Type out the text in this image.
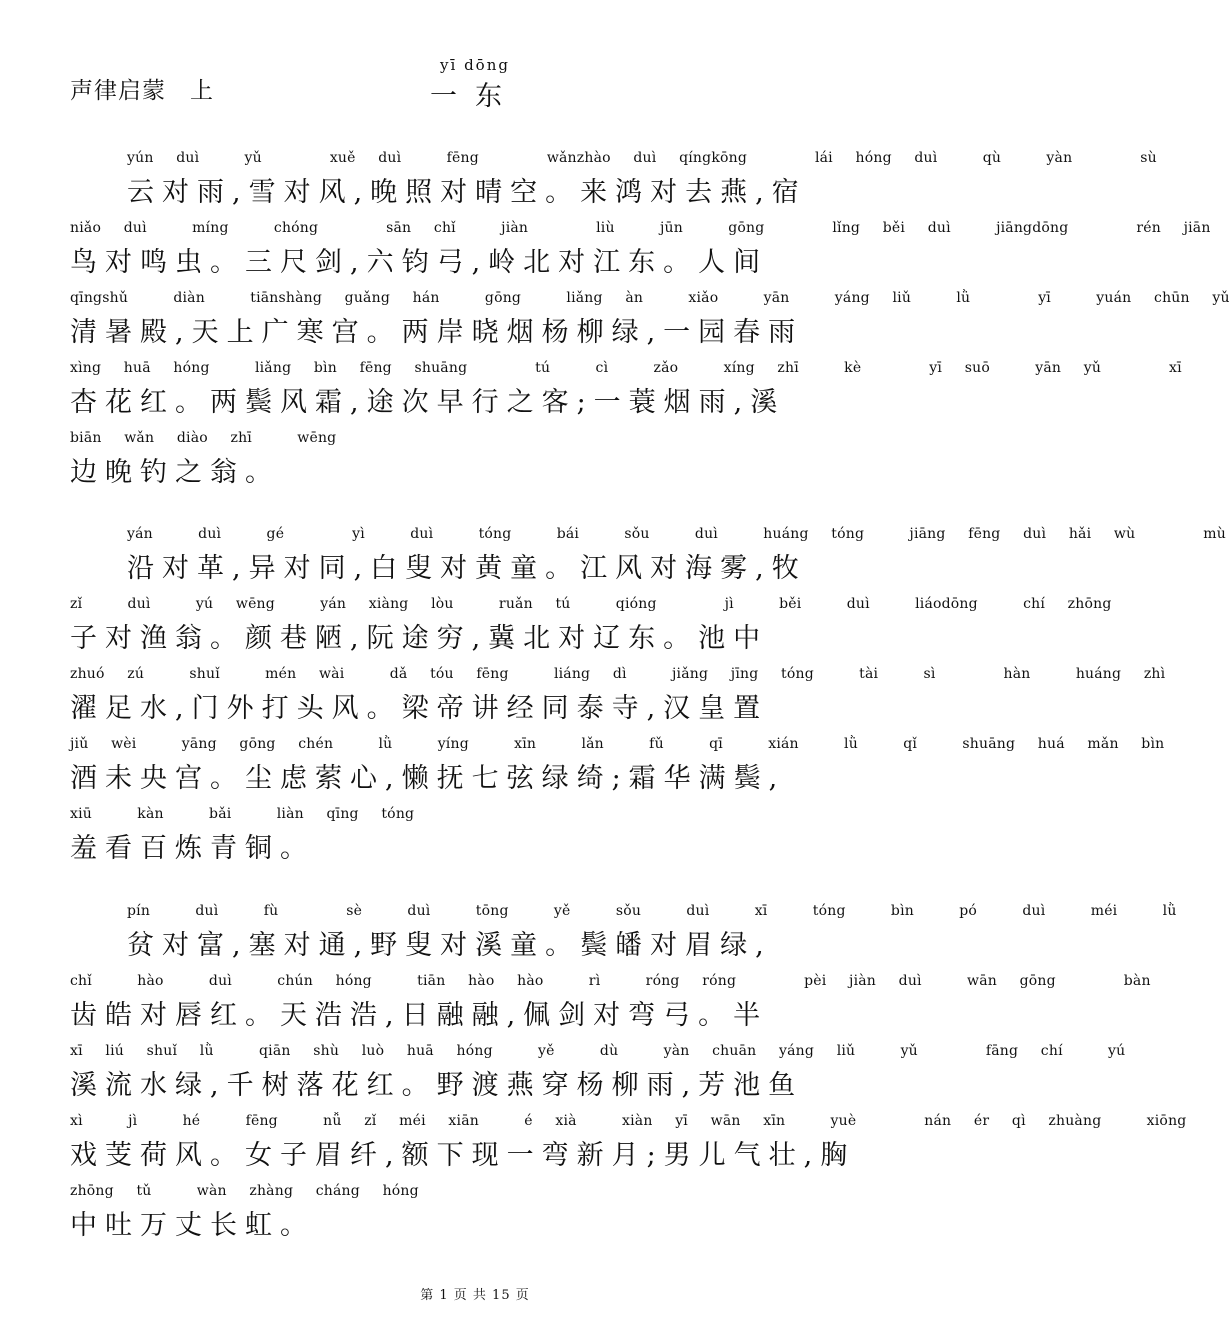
声律启蒙　上
yī dōng
一东
yún duì  yǔ   xuě duì  fēng   wǎnzhào duì qíngkōng   lái hóng duì  qù  yàn   sù
云对雨,雪对风,晚照对晴空。来鸿对去燕,宿
niǎo duì  míng  chóng   sān chǐ  jiàn   liù  jūn  gōng   lǐng běi duì  jiāngdōng   rén jiān
鸟对鸣虫。三尺剑,六钧弓,岭北对江东。人间
qīngshǔ  diàn  tiānshàng guǎng hán  gōng  liǎng àn  xiǎo  yān  yáng liǔ  lǜ   yī  yuán chūn yǔ
清暑殿,天上广寒宫。两岸晓烟杨柳绿,一园春雨
xìng huā hóng  liǎng bìn fēng shuāng   tú  cì  zǎo  xíng zhī  kè   yī suō  yān yǔ   xī
杏花红。两鬓风霜,途次早行之客;一蓑烟雨,溪
biān wǎn diào zhī  wēng
边晚钓之翁。
yán  duì  gé   yì  duì  tóng  bái  sǒu  duì  huáng tóng  jiāng fēng duì hǎi wù   mù
沿对革,异对同,白叟对黄童。江风对海雾,牧
zǐ  duì  yú wēng  yán xiàng lòu  ruǎn tú  qióng   jì  běi  duì  liáodōng  chí zhōng
子对渔翁。颜巷陋,阮途穷,冀北对辽东。池中
zhuó zú  shuǐ  mén wài  dǎ tóu fēng  liáng dì  jiǎng jīng tóng  tài  sì   hàn  huáng zhì
濯足水,门外打头风。梁帝讲经同泰寺,汉皇置
jiǔ wèi  yāng gōng chén  lǜ  yíng  xīn  lǎn  fǔ  qī  xián  lǜ  qǐ  shuāng huá mǎn bìn
酒未央宫。尘虑萦心,懒抚七弦绿绮;霜华满鬓,
xiū  kàn  bǎi  liàn qīng tóng
羞看百炼青铜。
pín  duì  fù   sè  duì  tōng  yě  sǒu  duì  xī  tóng  bìn  pó  duì  méi  lǜ
贫对富,塞对通,野叟对溪童。鬓皤对眉绿,
chǐ  hào  duì  chún hóng  tiān hào hào  rì  róng róng   pèi jiàn duì  wān gōng   bàn
齿皓对唇红。天浩浩,日融融,佩剑对弯弓。半
xī liú shuǐ lǜ  qiān shù luò huā hóng  yě  dù  yàn chuān yáng liǔ  yǔ   fāng chí  yú
溪流水绿,千树落花红。野渡燕穿杨柳雨,芳池鱼
xì  jì  hé  fēng  nǚ zǐ méi xiān  é xià  xiàn yī wān xīn  yuè   nán ér qì zhuàng  xiōng
戏芰荷风。女子眉纤,额下现一弯新月;男儿气壮,胸
zhōng tǔ  wàn zhàng cháng hóng
中吐万丈长虹。
第 1 页 共 15 页
